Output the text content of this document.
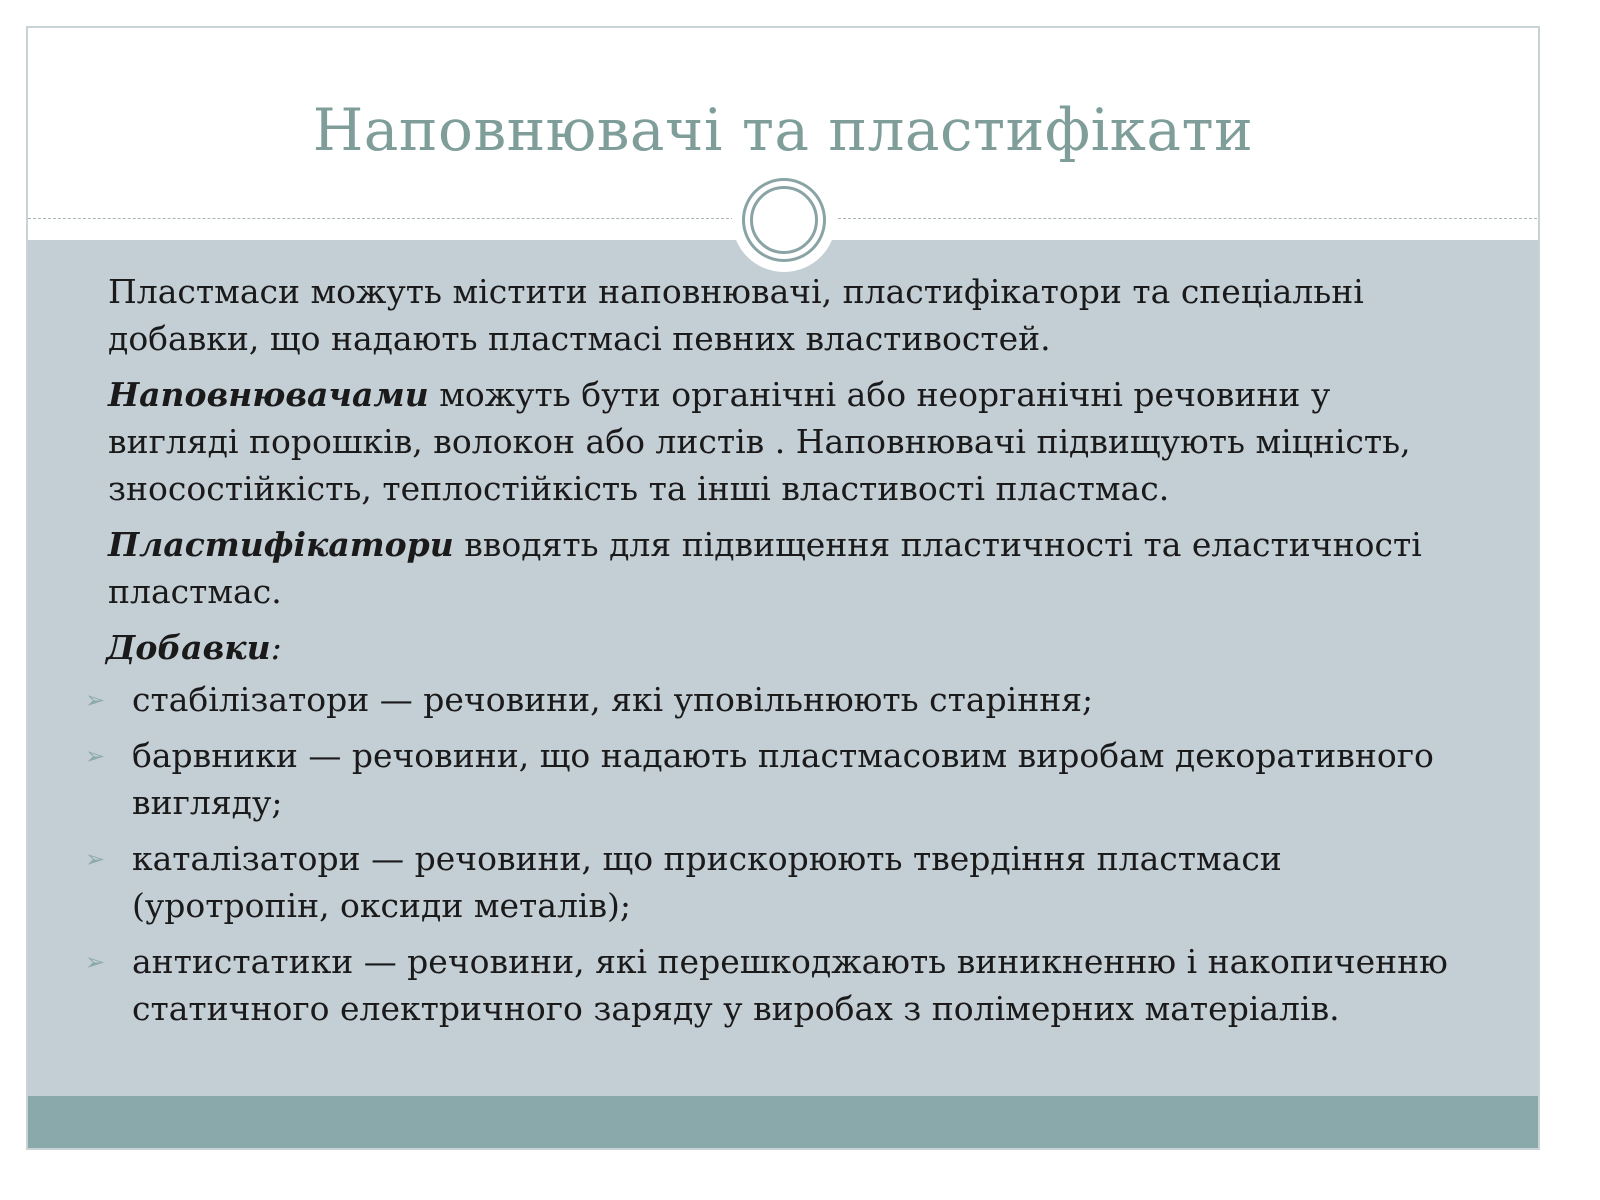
Наповнювачі та пластифікати

Пластмаси можуть містити наповнювачі, пластифікатори та спеціальні добавки, що надають пластмасі певних властивостей.

Наповнювачами можуть бути органічні або неорганічні речовини у вигляді порошків, волокон або листів . Наповнювачі підвищують міцність, зносостійкість, теплостійкість та інші властивості пластмас.

Пластифікатори вводять для підвищення пластичності та еластичності пластмас.

Добавки:

➢ стабілізатори — речовини, які уповільнюють старіння;
➢ барвники — речовини, що надають пластмасовим виробам декоративного вигляду;
➢ каталізатори — речовини, що прискорюють твердіння пластмаси (уротропін, оксиди металів);
➢ антистатики — речовини, які перешкоджають виникненню і накопиченню статичного електричного заряду у виробах з полімерних матеріалів.
